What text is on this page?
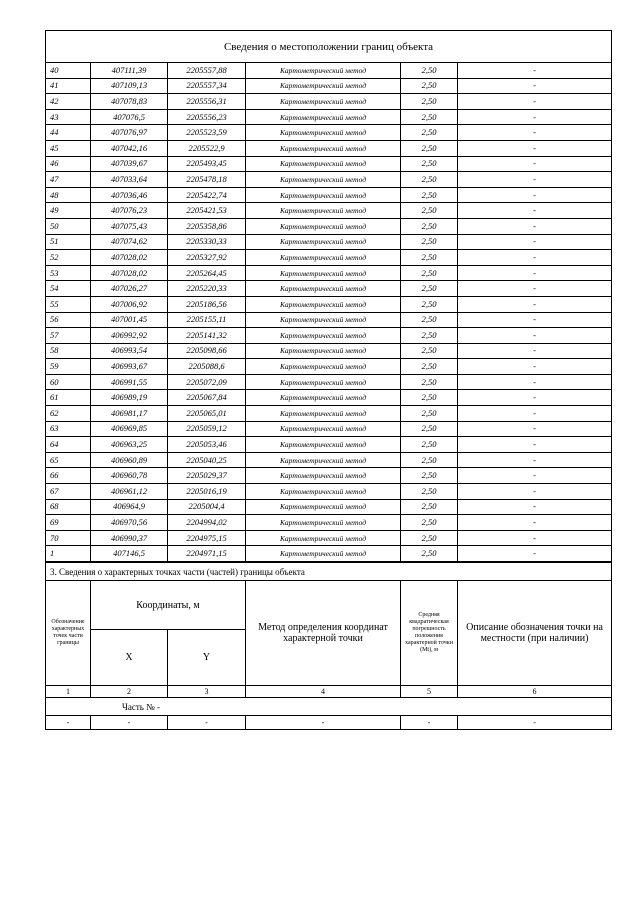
Сведения о местоположении границ объекта					
40	407111,39	2205557,88	Картометрический метод	2,50	-
41	407109,13	2205557,34	Картометрический метод	2,50	-
42	407078,83	2205556,31	Картометрический метод	2,50	-
43	407076,5	2205556,23	Картометрический метод	2,50	-
44	407076,97	2205523,59	Картометрический метод	2,50	-
45	407042,16	2205522,9	Картометрический метод	2,50	-
46	407039,67	2205493,45	Картометрический метод	2,50	-
47	407033,64	2205478,18	Картометрический метод	2,50	-
48	407036,46	2205422,74	Картометрический метод	2,50	-
49	407076,23	2205421,53	Картометрический метод	2,50	-
50	407075,43	2205358,86	Картометрический метод	2,50	-
51	407074,62	2205330,33	Картометрический метод	2,50	-
52	407028,02	2205327,92	Картометрический метод	2,50	-
53	407028,02	2205264,45	Картометрический метод	2,50	-
54	407026,27	2205220,33	Картометрический метод	2,50	-
55	407006,92	2205186,56	Картометрический метод	2,50	-
56	407001,45	2205155,11	Картометрический метод	2,50	-
57	406992,92	2205141,32	Картометрический метод	2,50	-
58	406993,54	2205098,66	Картометрический метод	2,50	-
59	406993,67	2205088,6	Картометрический метод	2,50	-
60	406991,55	2205072,09	Картометрический метод	2,50	-
61	406989,19	2205067,84	Картометрический метод	2,50	-
62	406981,17	2205065,01	Картометрический метод	2,50	-
63	406969,85	2205059,12	Картометрический метод	2,50	-
64	406963,25	2205053,46	Картометрический метод	2,50	-
65	406960,89	2205040,25	Картометрический метод	2,50	-
66	406960,78	2205029,37	Картометрический метод	2,50	-
67	406961,12	2205016,19	Картометрический метод	2,50	-
68	406964,9	2205004,4	Картометрический метод	2,50	-
69	406970,56	2204994,02	Картометрический метод	2,50	-
70	406990,37	2204975,15	Картометрический метод	2,50	-
1	407146,5	2204971,15	Картометрический метод	2,50	-
3. Сведения о характерных точках части (частей) границы объекта					
Обозначение характерных точек части границы	Координаты, м		Метод определения координат характерной точки	Средняя квадратическая погрешность положения характерной точки (Mt), м	Описание обозначения точки на местности (при наличии)
	X	Y			
1	2	3	4	5	6
Часть № -					
-	-	-	-	-	-
